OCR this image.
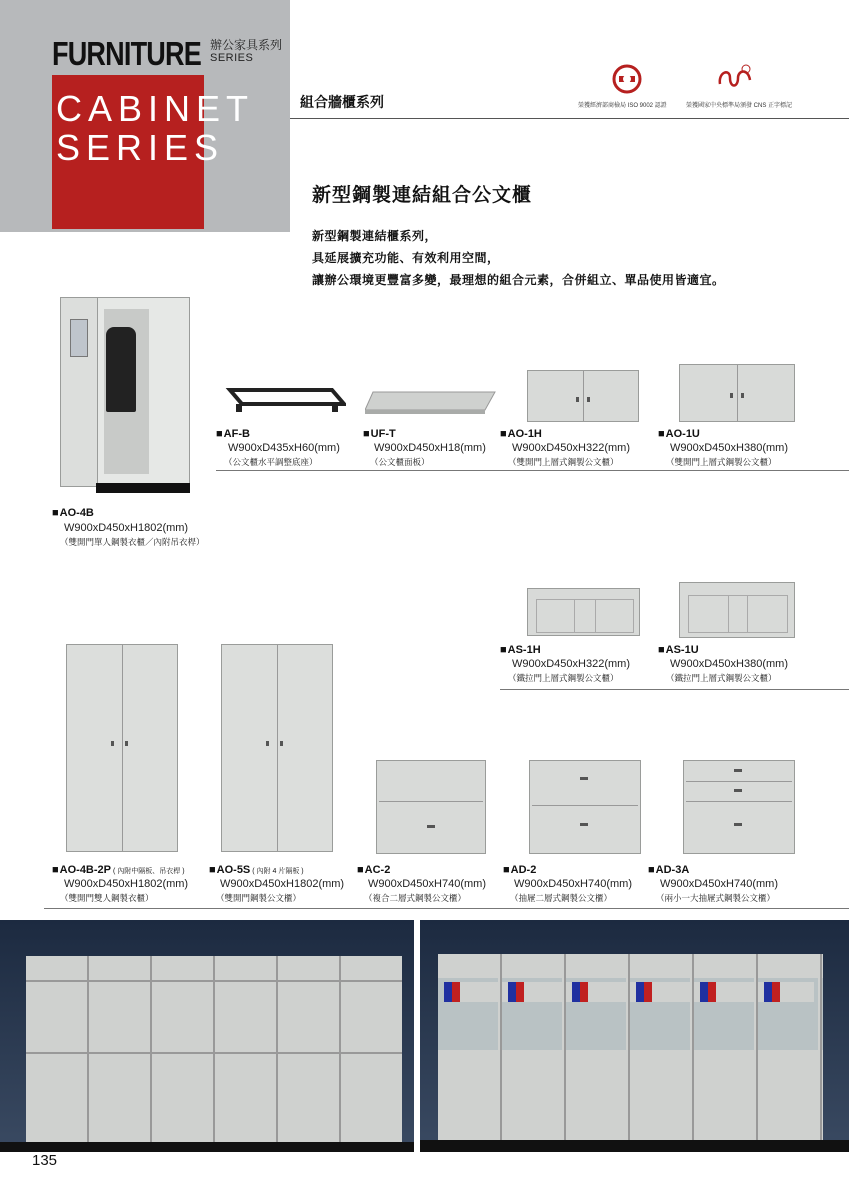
FURNITURE 辦公家具系列
SERIES
CABINET
SERIES
組合牆櫃系列	榮獲經濟部商檢局 ISO 9002 認證	榮獲國家中央標準局頒發 CNS 正字標記
新型鋼製連結組合公文櫃
新型鋼製連結櫃系列，
具延展擴充功能、有效利用空間，
讓辦公環境更豐富多變，最理想的組合元素，合併組立、單品使用皆適宜。
■ AF-B
W900xD435xH60(mm)
（公文櫃水平調整底座）
■ UF-T
W900xD450xH18(mm)
（公文櫃面板）
■ AO-1H
W900xD450xH322(mm)
（雙開門上層式鋼製公文櫃）
■ AO-1U
W900xD450xH380(mm)
（雙開門上層式鋼製公文櫃）
■ AO-4B
W900xD450xH1802(mm)
（雙開門單人鋼製衣櫃／內附吊衣桿）
■ AS-1H
W900xD450xH322(mm)
（鐵拉門上層式鋼製公文櫃）
■ AS-1U
W900xD450xH380(mm)
（鐵拉門上層式鋼製公文櫃）
■ AO-4B-2P ( 內附中隔板、吊衣桿 )
W900xD450xH1802(mm)
（雙開門雙人鋼製衣櫃）
■ AO-5S ( 內附 4 片隔板 )
W900xD450xH1802(mm)
（雙開門鋼製公文櫃）
■ AC-2
W900xD450xH740(mm)
（複合二層式鋼製公文櫃）
■ AD-2
W900xD450xH740(mm)
（抽屜二層式鋼製公文櫃）
■ AD-3A
W900xD450xH740(mm)
（兩小一大抽屜式鋼製公文櫃）
135
